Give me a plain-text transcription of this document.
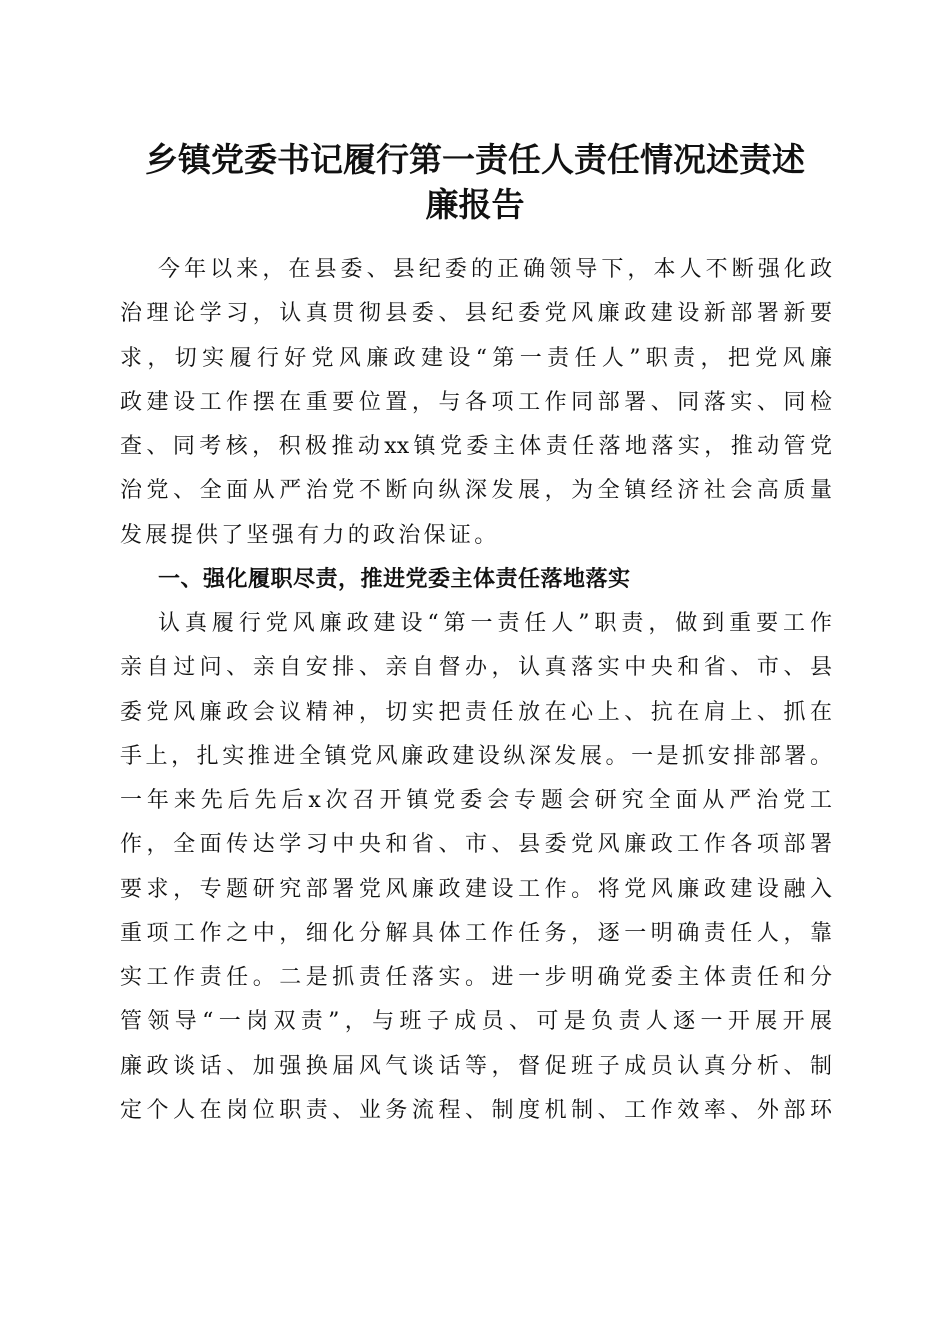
乡镇党委书记履行第一责任人责任情况述责述
廉报告
今年以来，在县委、县纪委的正确领导下，本人不断强化政
治理论学习，认真贯彻县委、县纪委党风廉政建设新部署新要
求，切实履行好党风廉政建设“第一责任人”职责，把党风廉
政建设工作摆在重要位置，与各项工作同部署、同落实、同检
查、同考核，积极推动xx镇党委主体责任落地落实，推动管党
治党、全面从严治党不断向纵深发展，为全镇经济社会高质量
发展提供了坚强有力的政治保证。
一、强化履职尽责，推进党委主体责任落地落实
认真履行党风廉政建设“第一责任人”职责，做到重要工作
亲自过问、亲自安排、亲自督办，认真落实中央和省、市、县
委党风廉政会议精神，切实把责任放在心上、抗在肩上、抓在
手上，扎实推进全镇党风廉政建设纵深发展。一是抓安排部署。
一年来先后先后x次召开镇党委会专题会研究全面从严治党工
作，全面传达学习中央和省、市、县委党风廉政工作各项部署
要求，专题研究部署党风廉政建设工作。将党风廉政建设融入
重项工作之中，细化分解具体工作任务，逐一明确责任人，靠
实工作责任。二是抓责任落实。进一步明确党委主体责任和分
管领导“一岗双责”，与班子成员、可是负责人逐一开展开展
廉政谈话、加强换届风气谈话等，督促班子成员认真分析、制
定个人在岗位职责、业务流程、制度机制、工作效率、外部环
